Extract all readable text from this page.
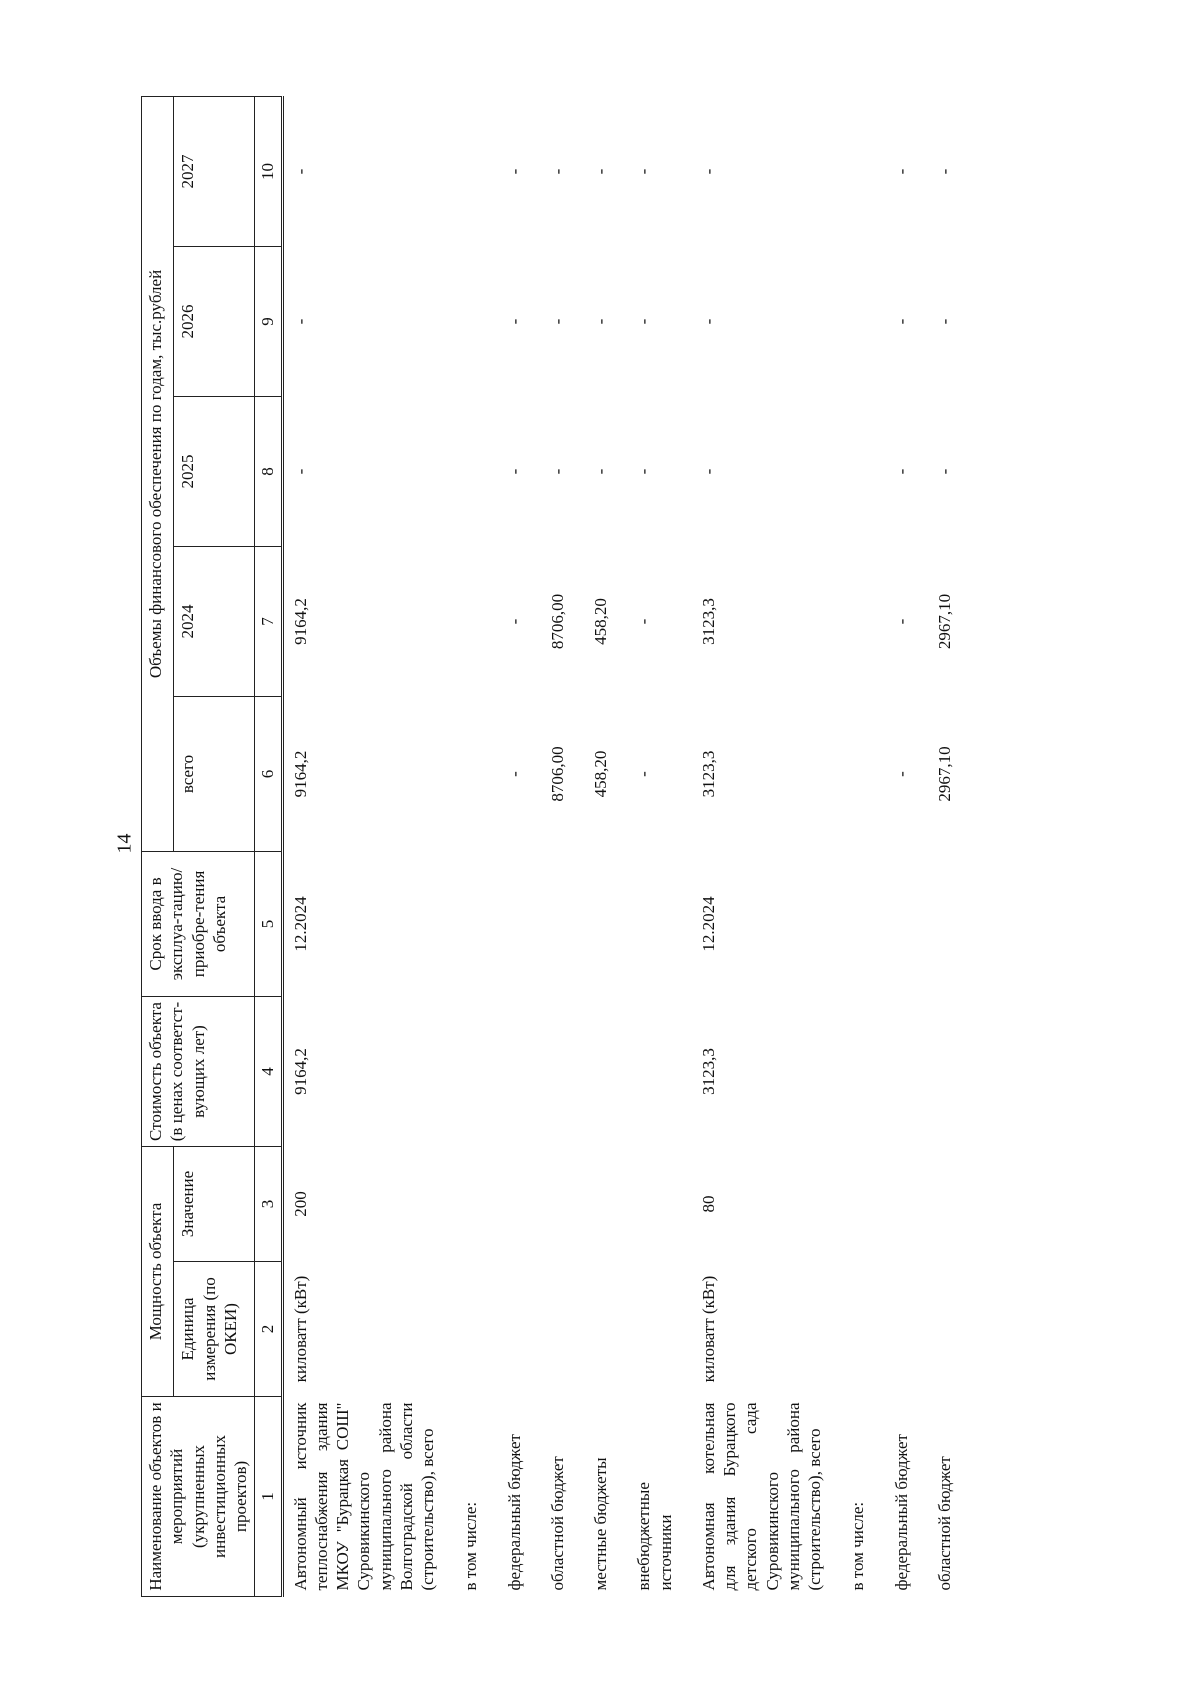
14
Наименование объектов и мероприятий (укрупненных инвестиционных проектов)	Мощность объекта		Стоимость объекта (в ценах соответст-вующих лет)	Срок ввода в эксплуа-тацию/ приобре-тения объекта	Объемы финансового обеспечения по годам, тыс.рублей				
	Единица измерения (по ОКЕИ)	Значение			всего	2024	2025	2026	2027
1	2	3	4	5	6	7	8	9	10
Автономный источник теплоснабжения здания МКОУ "Бурацкая СОШ" Суровикинского муниципального района Волгоградской области (строительство), всего	киловатт (кВт)	200	9164,2	12.2024	9164,2	9164,2	-	-	-
в том числе:									
федеральный бюджет					-	-	-	-	-
областной бюджет					8706,00	8706,00	-	-	-
местные бюджеты					458,20	458,20	-	-	-
внебюджетные источники					-	-	-	-	-
Автономная котельная для здания Бурацкого детского сада Суровикинского муниципального района (строительство), всего	киловатт (кВт)	80	3123,3	12.2024	3123,3	3123,3	-	-	-
в том числе:									
федеральный бюджет					-	-	-	-	-
областной бюджет					2967,10	2967,10	-	-	-
